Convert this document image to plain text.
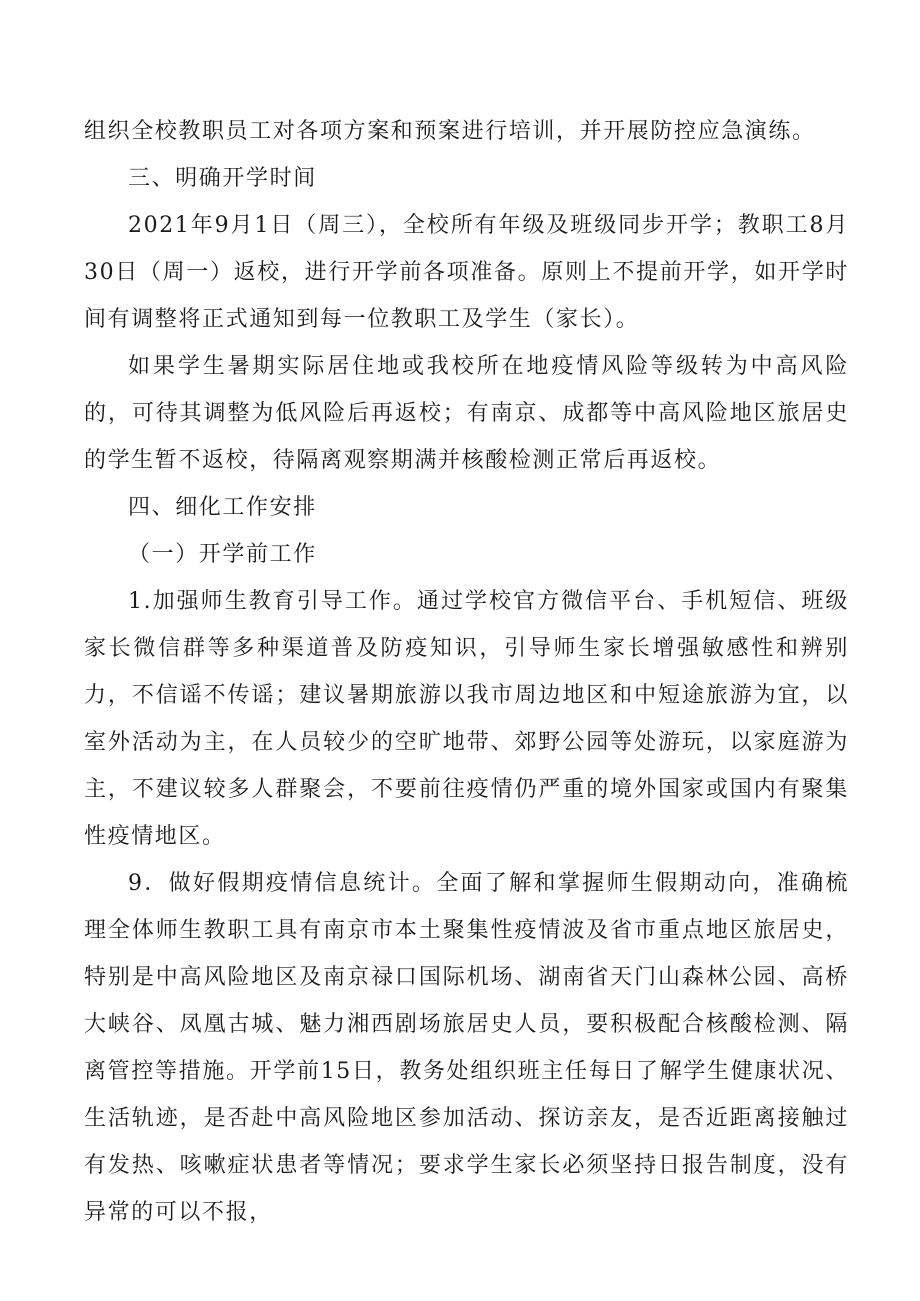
组织全校教职员工对各项方案和预案进行培训，并开展防控应急演练。

三、明确开学时间

2021年9月1日（周三），全校所有年级及班级同步开学；教职工8月30日（周一）返校，进行开学前各项准备。原则上不提前开学，如开学时间有调整将正式通知到每一位教职工及学生（家长）。

如果学生暑期实际居住地或我校所在地疫情风险等级转为中高风险的，可待其调整为低风险后再返校；有南京、成都等中高风险地区旅居史的学生暂不返校，待隔离观察期满并核酸检测正常后再返校。

四、细化工作安排

（一）开学前工作

1.加强师生教育引导工作。通过学校官方微信平台、手机短信、班级家长微信群等多种渠道普及防疫知识，引导师生家长增强敏感性和辨别力，不信谣不传谣；建议暑期旅游以我市周边地区和中短途旅游为宜，以室外活动为主，在人员较少的空旷地带、郊野公园等处游玩，以家庭游为主，不建议较多人群聚会，不要前往疫情仍严重的境外国家或国内有聚集性疫情地区。

9．做好假期疫情信息统计。全面了解和掌握师生假期动向，准确梳理全体师生教职工具有南京市本土聚集性疫情波及省市重点地区旅居史，特别是中高风险地区及南京禄口国际机场、湖南省天门山森林公园、高桥大峡谷、凤凰古城、魅力湘西剧场旅居史人员，要积极配合核酸检测、隔离管控等措施。开学前15日，教务处组织班主任每日了解学生健康状况、生活轨迹，是否赴中高风险地区参加活动、探访亲友，是否近距离接触过有发热、咳嗽症状患者等情况；要求学生家长必须坚持日报告制度，没有异常的可以不报，
